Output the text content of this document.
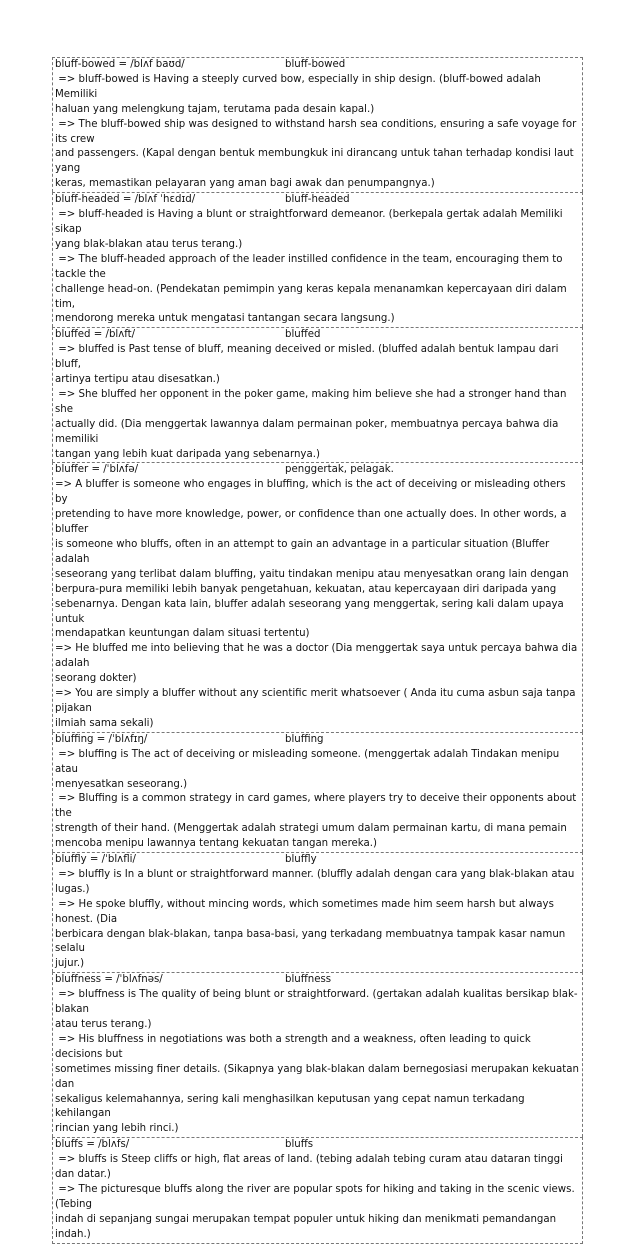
bluff-bowed = /blʌf baʊd/	bluff-bowed
=> bluff-bowed is Having a steeply curved bow, especially in ship design. (bluff-bowed adalah Memiliki
haluan yang melengkung tajam, terutama pada desain kapal.)
=> The bluff-bowed ship was designed to withstand harsh sea conditions, ensuring a safe voyage for its crew
and passengers. (Kapal dengan bentuk membungkuk ini dirancang untuk tahan terhadap kondisi laut yang
keras, memastikan pelayaran yang aman bagi awak dan penumpangnya.)
bluff-headed = /blʌf ˈhɛdɪd/	bluff-headed
=> bluff-headed is Having a blunt or straightforward demeanor. (berkepala gertak adalah Memiliki sikap
yang blak-blakan atau terus terang.)
=> The bluff-headed approach of the leader instilled confidence in the team, encouraging them to tackle the
challenge head-on. (Pendekatan pemimpin yang keras kepala menanamkan kepercayaan diri dalam tim,
mendorong mereka untuk mengatasi tantangan secara langsung.)
bluffed = /blʌft/	bluffed
=> bluffed is Past tense of bluff, meaning deceived or misled. (bluffed adalah bentuk lampau dari bluff,
artinya tertipu atau disesatkan.)
=> She bluffed her opponent in the poker game, making him believe she had a stronger hand than she
actually did. (Dia menggertak lawannya dalam permainan poker, membuatnya percaya bahwa dia memiliki
tangan yang lebih kuat daripada yang sebenarnya.)
bluffer = /ˈblʌfə/	penggertak, pelagak.
=> A bluffer is someone who engages in bluffing, which is the act of deceiving or misleading others by
pretending to have more knowledge, power, or confidence than one actually does. In other words, a bluffer
is someone who bluffs, often in an attempt to gain an advantage in a particular situation (Bluffer adalah
seseorang yang terlibat dalam bluffing, yaitu tindakan menipu atau menyesatkan orang lain dengan
berpura-pura memiliki lebih banyak pengetahuan, kekuatan, atau kepercayaan diri daripada yang
sebenarnya. Dengan kata lain, bluffer adalah seseorang yang menggertak, sering kali dalam upaya untuk
mendapatkan keuntungan dalam situasi tertentu)
=> He bluffed me into believing that he was a doctor (Dia menggertak saya untuk percaya bahwa dia adalah
seorang dokter)
=> You are simply a bluffer without any scientific merit whatsoever ( Anda itu cuma asbun saja tanpa pijakan
ilmiah sama sekali)
bluffing = /ˈblʌfɪŋ/	bluffing
=> bluffing is The act of deceiving or misleading someone. (menggertak adalah Tindakan menipu atau
menyesatkan seseorang.)
=> Bluffing is a common strategy in card games, where players try to deceive their opponents about the
strength of their hand. (Menggertak adalah strategi umum dalam permainan kartu, di mana pemain
mencoba menipu lawannya tentang kekuatan tangan mereka.)
bluffly = /ˈblʌfli/	bluffly
=> bluffly is In a blunt or straightforward manner. (bluffly adalah dengan cara yang blak-blakan atau lugas.)
=> He spoke bluffly, without mincing words, which sometimes made him seem harsh but always honest. (Dia
berbicara dengan blak-blakan, tanpa basa-basi, yang terkadang membuatnya tampak kasar namun selalu
jujur.)
bluffness = /ˈblʌfnəs/	bluffness
=> bluffness is The quality of being blunt or straightforward. (gertakan adalah kualitas bersikap blak-blakan
atau terus terang.)
=> His bluffness in negotiations was both a strength and a weakness, often leading to quick decisions but
sometimes missing finer details. (Sikapnya yang blak-blakan dalam bernegosiasi merupakan kekuatan dan
sekaligus kelemahannya, sering kali menghasilkan keputusan yang cepat namun terkadang kehilangan
rincian yang lebih rinci.)
bluffs = /blʌfs/	bluffs
=> bluffs is Steep cliffs or high, flat areas of land. (tebing adalah tebing curam atau dataran tinggi dan datar.)
=> The picturesque bluffs along the river are popular spots for hiking and taking in the scenic views. (Tebing
indah di sepanjang sungai merupakan tempat populer untuk hiking dan menikmati pemandangan indah.)
